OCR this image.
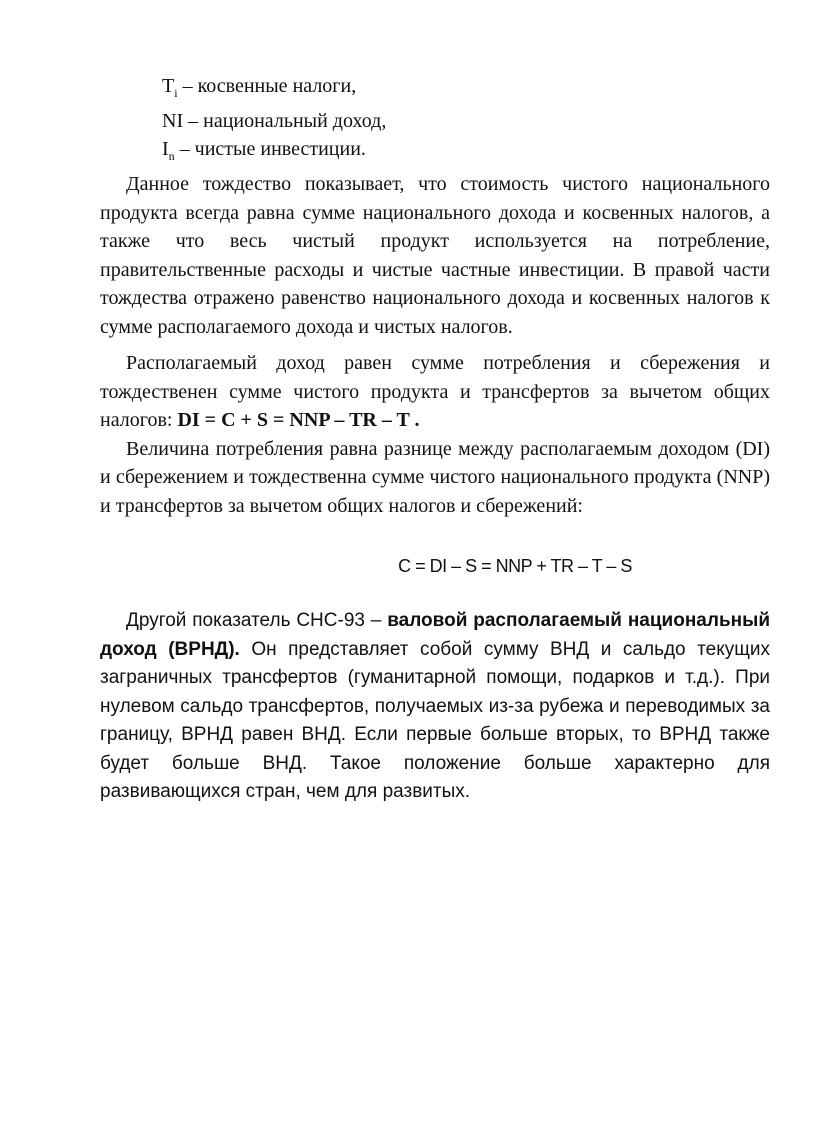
$T_i$ – косвенные налоги,
NI – национальный доход,
$I_n$ – чистые инвестиции.

Данное тождество показывает, что стоимость чистого национального продукта всегда равна сумме национального дохода и косвенных налогов, а также что весь чистый продукт используется на потребление, правительственные расходы и чистые частные инвестиции. В правой части тождества отражено равенство национального дохода и косвенных налогов к сумме располагаемого дохода и чистых налогов.

Располагаемый доход равен сумме потребления и сбережения и тождественен сумме чистого продукта и трансфертов за вычетом общих налогов: DI = C + S = NNP – TR – T .

Величина потребления равна разнице между располагаемым доходом (DI) и сбережением и тождественна сумме чистого национального продукта (NNP) и трансфертов за вычетом общих налогов и сбережений:

C = DI – S = NNP + TR – T – S

Другой показатель СНС-93 – валовой располагаемый национальный доход (ВРНД). Он представляет собой сумму ВНД и сальдо текущих заграничных трансфертов (гуманитарной помощи, подарков и т.д.). При нулевом сальдо трансфертов, получаемых из-за рубежа и переводимых за границу, ВРНД равен ВНД. Если первые больше вторых, то ВРНД также будет больше ВНД. Такое положение больше характерно для развивающихся стран, чем для развитых.
